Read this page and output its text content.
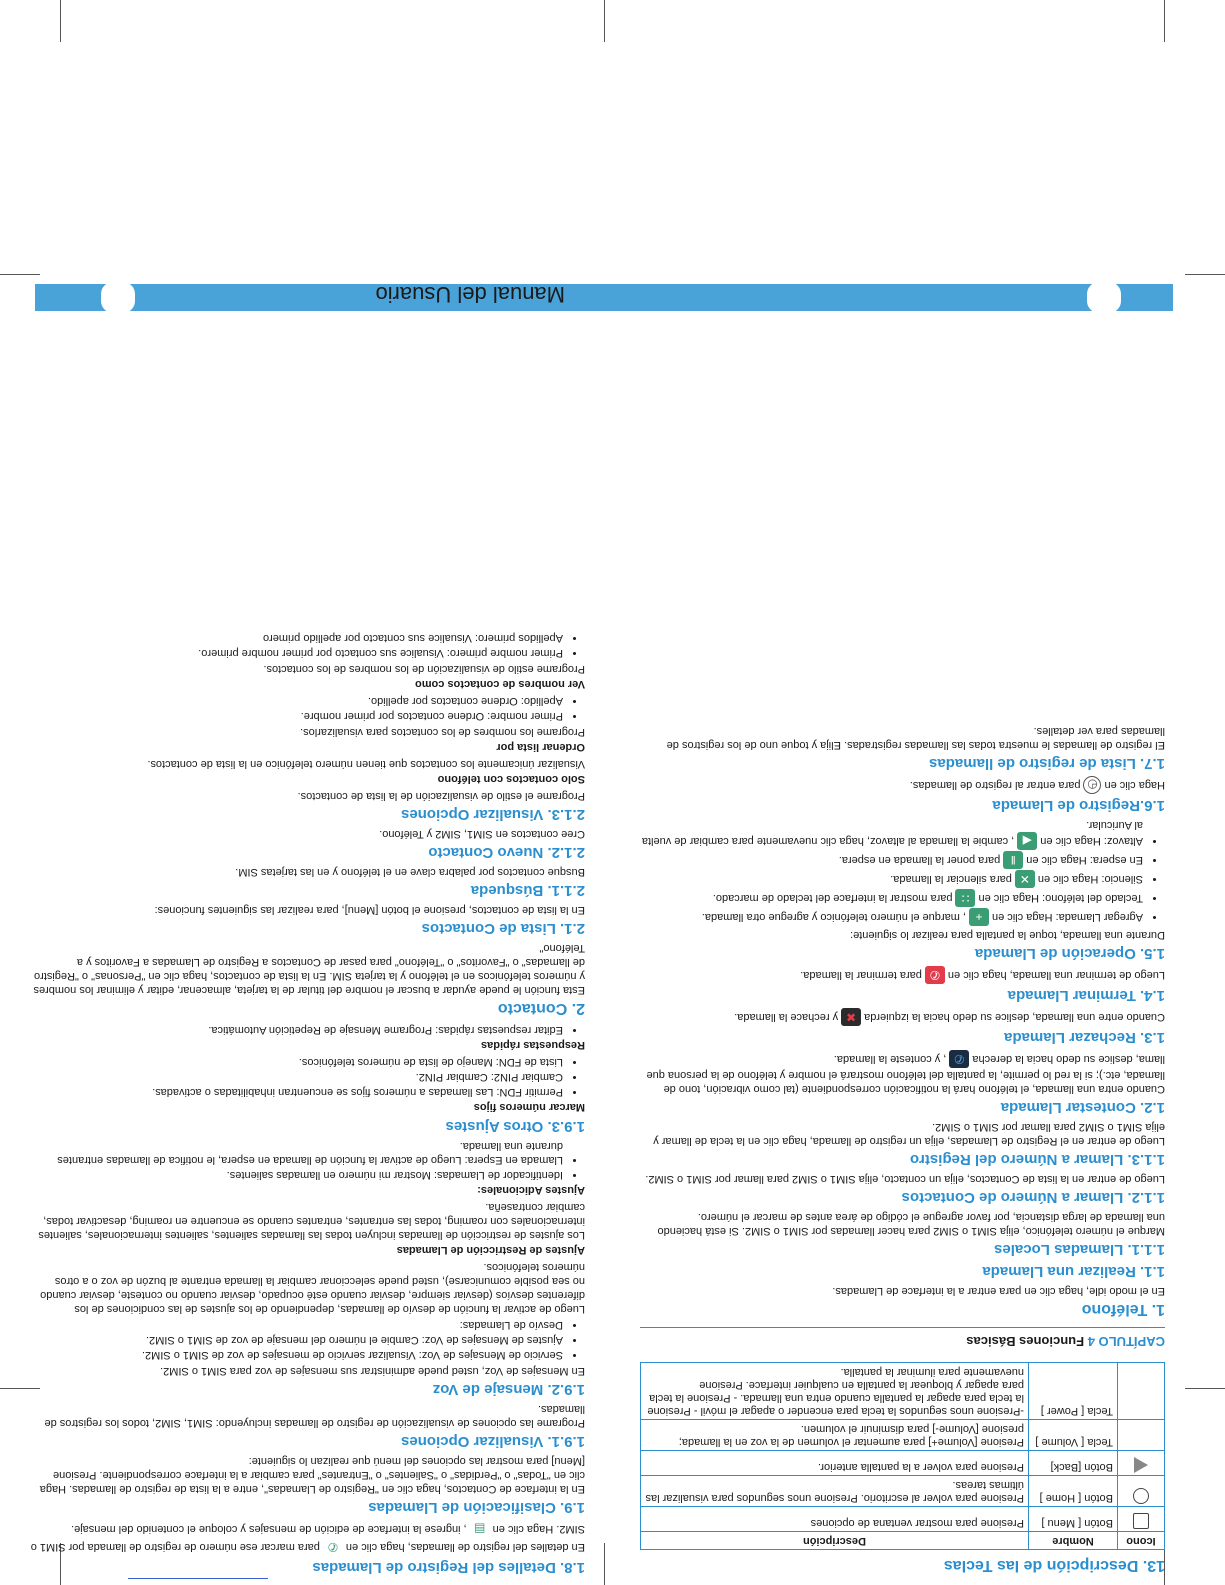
Manual del Usuario
13. Descripción de las Teclas
Icono	Nombre	Descripción
	Botón [ Menu ]	Presione para mostrar ventana de opciones
	Botón [ Home ]	Presione para volver al escritorio. Presione unos segundos para visualizar las últimas tareas.
	Botón [Back]	Presione para volver a la pantalla anterior.
	Tecla [ Volume ]	Presione [Volume+] para aumentar el volumen de la voz en la llamada; presione [Volume-] para disminuir el volumen.
	Tecla [ Power ]	-Presione unos segundos la tecla para encender o apagar el móvil - Presione la tecla para apagar la pantalla cuando entra una llamada. - Presione la tecla para apagar y bloquear la pantalla en cualquier interface. Presione nuevamente para iluminar la pantalla.
CAPÍTULO 4 Funciones Básicas
1. Teléfono

En el modo idle, haga clic en para entrar a la interface de Llamadas.

1.1. Realizar una Llamada
1.1.1. Llamadas Locales

Marque el número telefónico, elija SIM1 o SIM2 para hacer llamadas por SIM1 o SIM2. Si está haciendo una llamada de larga distancia, por favor agregue el código de área antes de marcar el número.

1.1.2. Llamar a Número de Contactos

Luego de entrar en la lista de Contactos, elija un contacto, elija SIM1 o SIM2 para llamar por SIM1 o SIM2.

1.1.3. Llamar a Número del Registro

Luego de entrar en el Registro de Llamadas, elija un registro de llamada, haga clic en la tecla de llamar y elija SIM1 o SIM2 para llamar por SIM1 o SIM2.

1.2. Contestar Llamada

Cuando entra una llamada, el teléfono hará la notificación correspondiente (tal como vibración, tono de llamada, etc.); si la red lo permite, la pantalla del teléfono mostrará el nombre y teléfono de la persona que llama, deslice su dedo hacia la derecha✆, y conteste la llamada.

1.3. Rechazar Llamada

Cuando entre una llamada, deslice su dedo hacia la izquierda✖y rechace la llamada.

1.4. Terminar Llamada

Luego de terminar una llamada, haga clic en✆para terminar la llamada.

1.5. Operación de Llamada

Durante una llamada, toque la pantalla para realizar lo siguiente:

• Agregar Llamada: Haga clic en+, marque el número telefónico y agregue otra llamada.
• Teclado del teléfono: Haga clic en∷para mostrar la interface del teclado de marcado.
• Silencio: Haga clic en✕para silenciar la llamada.
• En espera: Haga clic en‖para poner la llamada en espera.
• Altavoz: Haga clic en◀, cambie la llamada al altavoz, haga clic nuevamente para cambiar de vuelta al Auricular.
1.6.Registro de Llamada

Haga clic en◴para entrar al registro de llamadas.

1.7. Lista de registro de llamadas

El registro de llamadas le muestra todas las llamadas registradas. Elija y toque uno de los registros de llamadas para ver detalles.

1.8. Detalles del Registro de Llamadas

En detalles del registro de llamadas, haga clic en✆para marcar ese número de registro de llamada por SIM1 o SIM2. Haga clic en▤, ingrese la interface de edición de mensajes y coloque el contenido del mensaje.

1.9. Clasificación de Llamadas

En la interface de Contactos, haga clic en "Registro de Llamadas", entre a la lista de registro de llamadas. Haga clic en "Todas" o "Perdidas" o "Salientes" o "Entrantes" para cambiar a la interface correspondiente. Presione [Menu] para mostrar las opciones del menú que realizan lo siguiente:

1.9.1. Visualizar Opciones

Programe las opciones de visualización de registro de llamadas incluyendo: SIM1, SIM2, todos los registros de llamadas.

1.9.2. Mensaje de Voz

En Mensajes de Voz, usted puede administrar sus mensajes de voz para SIM1 o SIM2.

• Servicio de Mensajes de Voz: Visualizar servicio de mensajes de voz de SIM1 o SIM2.
• Ajustes de Mensajes de Voz: Cambie el número del mensaje de voz de SIM1 o SIM2.
• Desvío de Llamadas:

Luego de activar la función de desvío de llamadas, dependiendo de los ajustes de las condiciones de los diferentes desvíos (desviar siempre, desviar cuando esté ocupado, desviar cuando no conteste, desviar cuando no sea posible comunicarse), usted puede seleccionar cambiar la llamada entrante al buzón de voz o a otros números telefónicos.

Ajustes de Restricción de Llamadas

Los ajustes de restricción de llamadas incluyen todas las llamadas salientes, salientes internacionales, salientes internacionales con roaming, todas las entrantes, entrantes cuando se encuentre en roaming, desactivar todas, cambiar contraseña.

Ajustes Adicionales:
• Identificador de Llamadas: Mostrar mi número en llamadas salientes.
• Llamada en Espera: Luego de activar la función de llamada en espera, le notifica de llamadas entrantes durante una llamada.
1.9.3. Otros Ajustes
Marcar números fijos
• Permitir FDN: Las llamadas a números fijos se encuentran inhabilitadas o activadas.
• Cambiar PIN2: Cambiar PIN2.
• Lista de FDN: Manejo de lista de números telefónicos.
Respuestas rápidas
• Editar respuestas rápidas: Programe Mensaje de Repetición Automática.
2. Contacto

Esta función le puede ayudar a buscar el nombre del titular de la tarjeta, almacenar, editar y eliminar los nombres y números telefónicos en el teléfono y la tarjeta SIM. En la lista de contactos, haga clic en "Personas" o "Registro de llamadas" o "Favoritos" o "Teléfono" para pasar de Contactos a Registro de Llamadas a Favoritos y a Teléfono"

2.1. Lista de Contactos

En la lista de contactos, presione el botón [Menu], para realizar las siguientes funciones:

2.1.1. Búsqueda

Busque contactos por palabra clave en el teléfono y en las tarjetas SIM.

2.1.2. Nuevo Contacto

Cree contactos en SIM1, SIM2 y Teléfono.

2.1.3. Visualizar Opciones

Programe el estilo de visualización de la lista de contactos.

Solo contactos con teléfono

Visualizar únicamente los contactos que tienen número telefónico en la lista de contactos.

Ordenar lista por

Programe los nombres de los contactos para visualizarlos.

• Primer nombre: Ordene contactos por primer nombre.
• Apellido: Ordene contactos por apellido.
Ver nombres de contactos como

Programe estilo de visualización de los nombres de los contactos.

• Primer nombre primero: Visualice sus contacto por primer nombre primero.
• Apellidos primero: Visualice sus contacto por apellido primero
